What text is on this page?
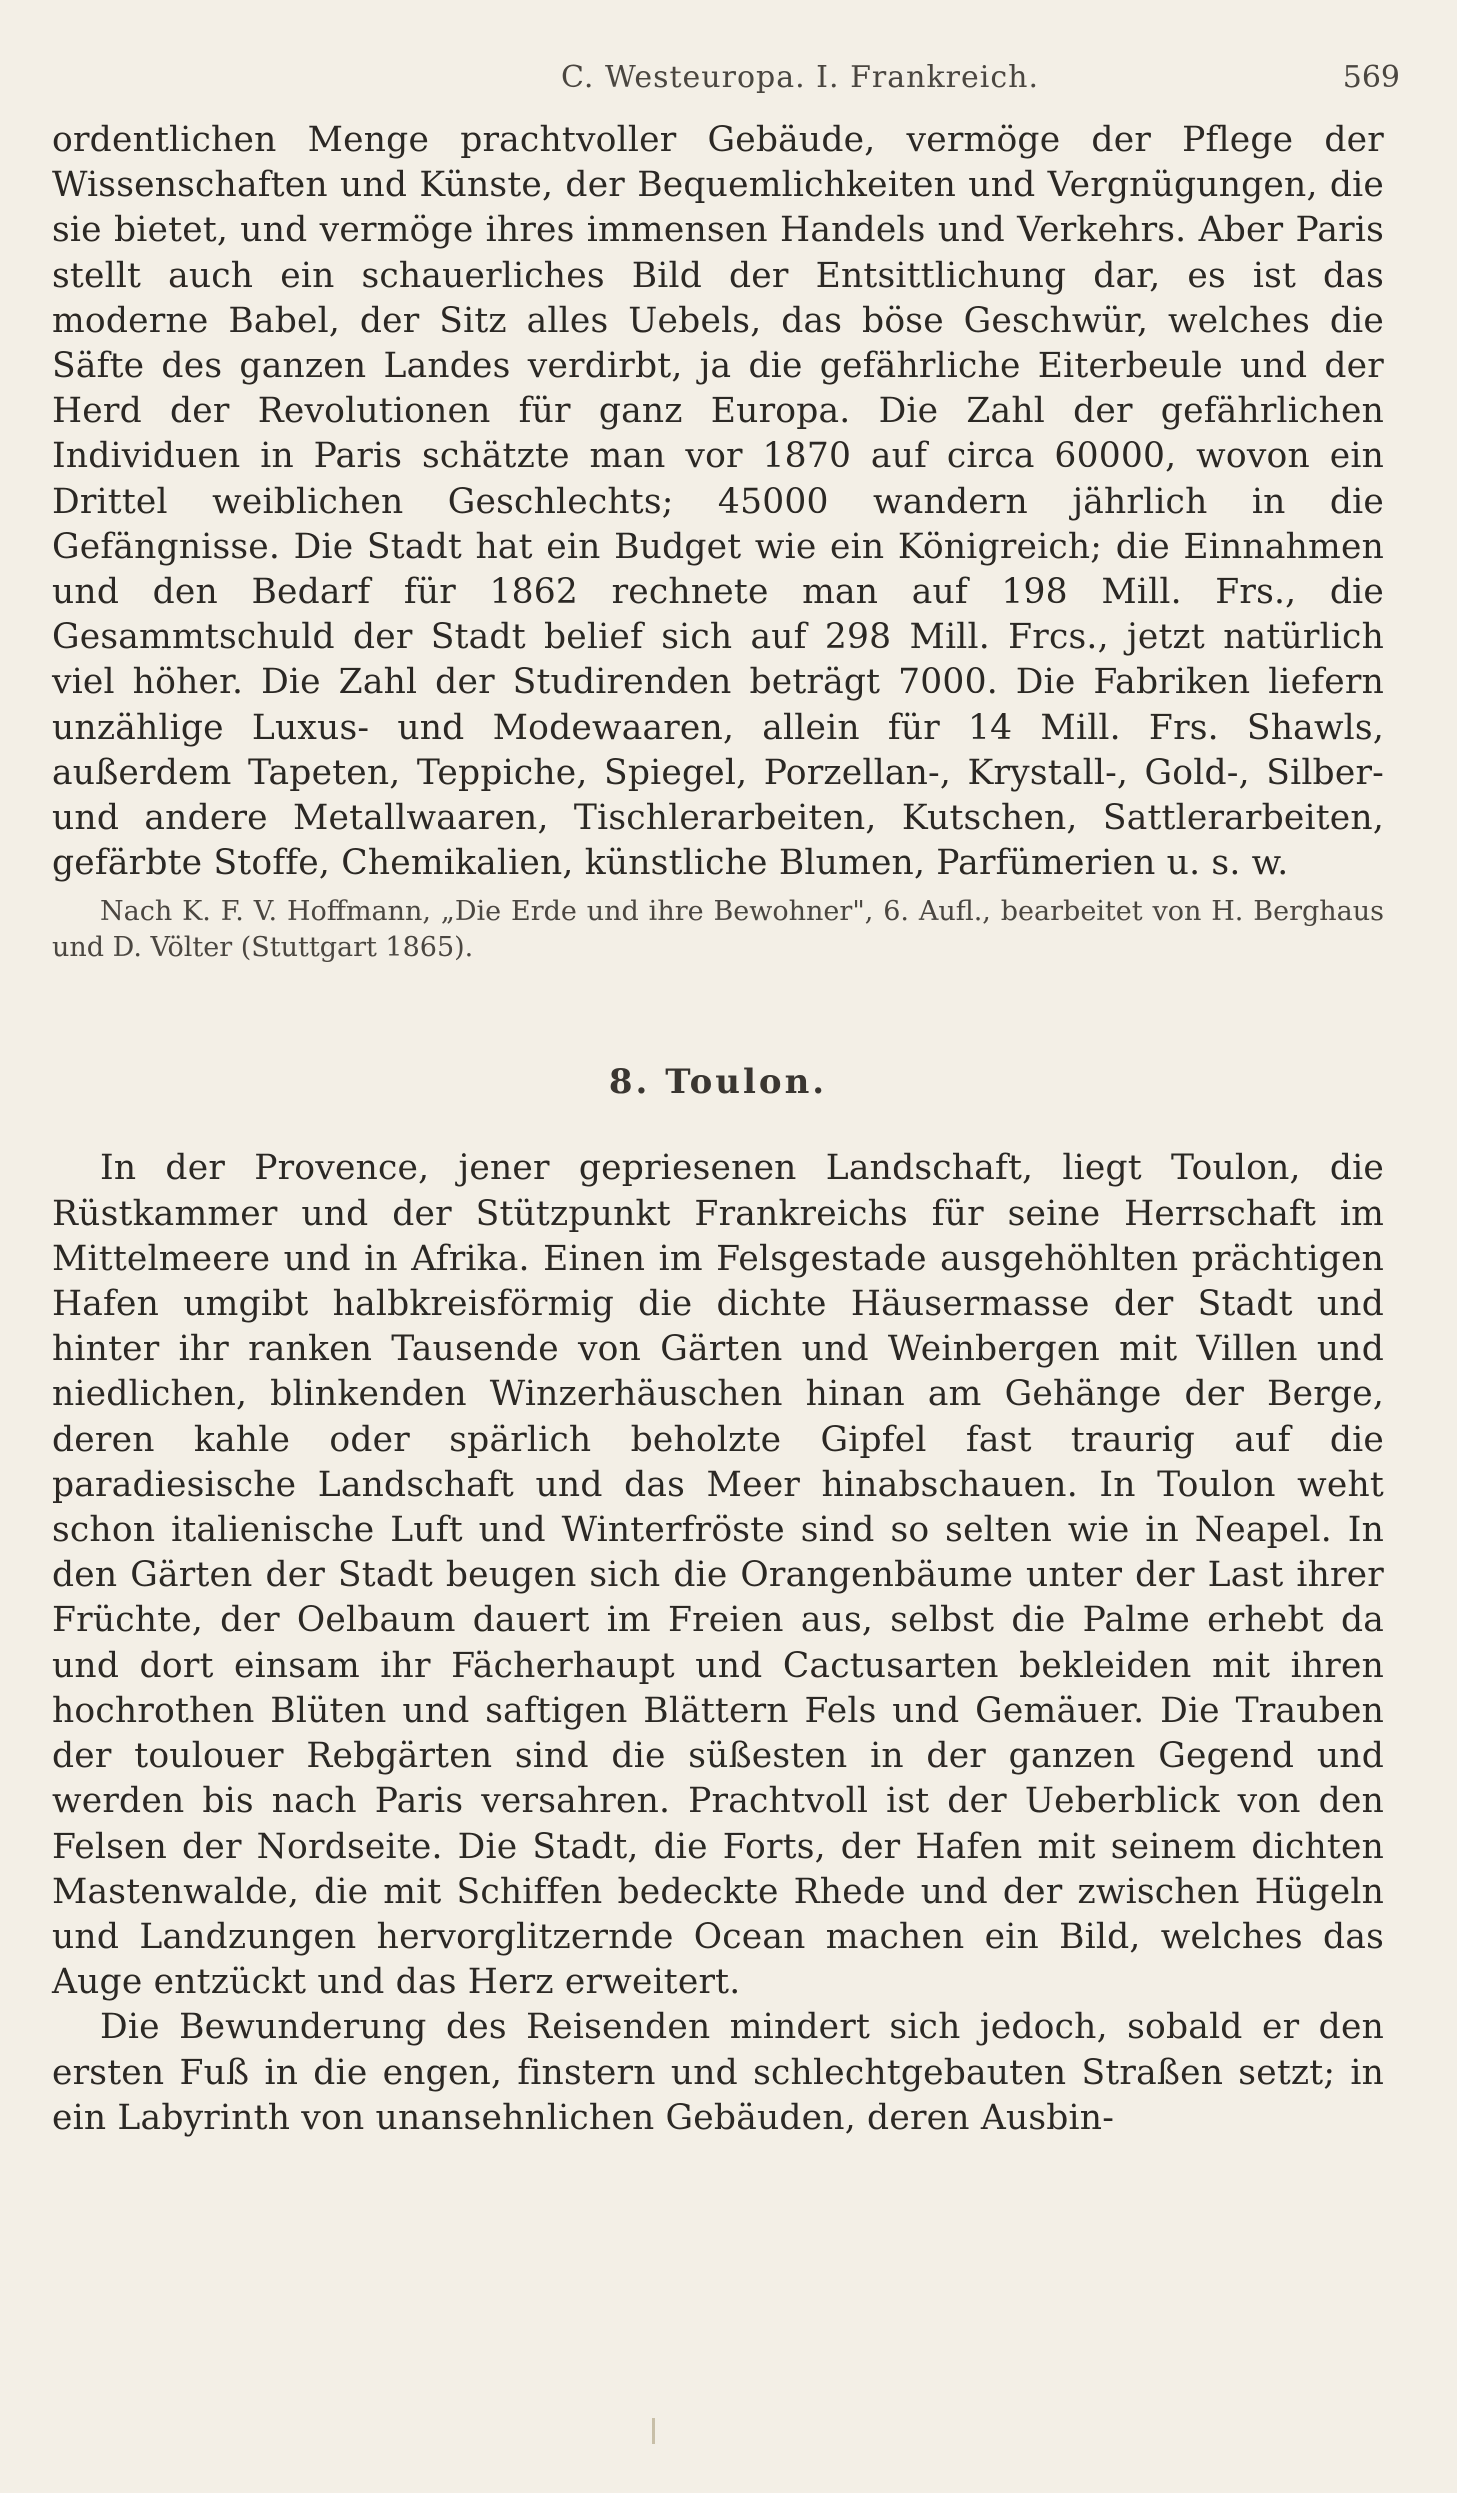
C. Westeuropa. I. Frankreich.	569

ordentlichen Menge prachtvoller Gebäude, vermöge der Pflege der Wissenschaften und Künste, der Bequemlichkeiten und Vergnügungen, die sie bietet, und vermöge ihres immensen Handels und Verkehrs. Aber Paris stellt auch ein schauerliches Bild der Entsittlichung dar, es ist das moderne Babel, der Sitz alles Uebels, das böse Geschwür, welches die Säfte des ganzen Landes verdirbt, ja die gefährliche Eiterbeule und der Herd der Revolutionen für ganz Europa. Die Zahl der gefährlichen Individuen in Paris schätzte man vor 1870 auf circa 60000, wovon ein Drittel weiblichen Geschlechts; 45000 wandern jährlich in die Gefängnisse. Die Stadt hat ein Budget wie ein Königreich; die Einnahmen und den Bedarf für 1862 rechnete man auf 198 Mill. Frs., die Gesammtschuld der Stadt belief sich auf 298 Mill. Frcs., jetzt natürlich viel höher. Die Zahl der Studirenden beträgt 7000. Die Fabriken liefern unzählige Luxus- und Modewaaren, allein für 14 Mill. Frs. Shawls, außerdem Tapeten, Teppiche, Spiegel, Porzellan-, Krystall-, Gold-, Silber- und andere Metallwaaren, Tischlerarbeiten, Kutschen, Sattlerarbeiten, gefärbte Stoffe, Chemikalien, künstliche Blumen, Parfümerien u. s. w.

Nach K. F. V. Hoffmann, „Die Erde und ihre Bewohner", 6. Aufl., bearbeitet von H. Berghaus und D. Völter (Stuttgart 1865).

8. Toulon.

In der Provence, jener gepriesenen Landschaft, liegt Toulon, die Rüstkammer und der Stützpunkt Frankreichs für seine Herrschaft im Mittelmeere und in Afrika. Einen im Felsgestade ausgehöhlten prächtigen Hafen umgibt halbkreisförmig die dichte Häusermasse der Stadt und hinter ihr ranken Tausende von Gärten und Weinbergen mit Villen und niedlichen, blinkenden Winzerhäuschen hinan am Gehänge der Berge, deren kahle oder spärlich beholzte Gipfel fast traurig auf die paradiesische Landschaft und das Meer hinabschauen. In Toulon weht schon italienische Luft und Winterfröste sind so selten wie in Neapel. In den Gärten der Stadt beugen sich die Orangenbäume unter der Last ihrer Früchte, der Oelbaum dauert im Freien aus, selbst die Palme erhebt da und dort einsam ihr Fächerhaupt und Cactusarten bekleiden mit ihren hochrothen Blüten und saftigen Blättern Fels und Gemäuer. Die Trauben der toulouer Rebgärten sind die süßesten in der ganzen Gegend und werden bis nach Paris versahren. Prachtvoll ist der Ueberblick von den Felsen der Nordseite. Die Stadt, die Forts, der Hafen mit seinem dichten Mastenwalde, die mit Schiffen bedeckte Rhede und der zwischen Hügeln und Landzungen hervorglitzernde Ocean machen ein Bild, welches das Auge entzückt und das Herz erweitert.

Die Bewunderung des Reisenden mindert sich jedoch, sobald er den ersten Fuß in die engen, finstern und schlechtgebauten Straßen setzt; in ein Labyrinth von unansehnlichen Gebäuden, deren Ausbin-
